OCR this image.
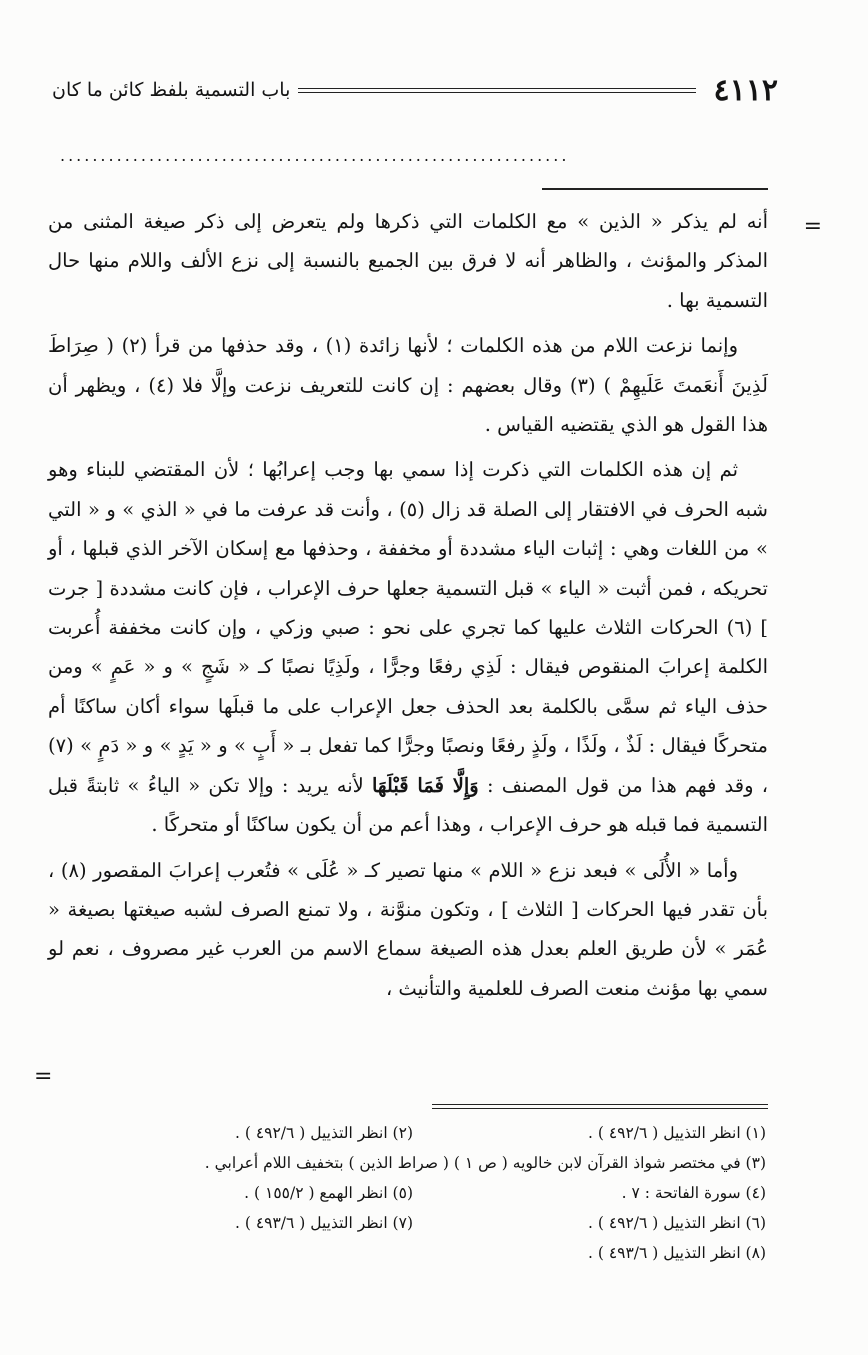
٤١١٢
باب التسمية بلفظ كائن ما كان
...............................................................
=

أنه لم يذكر « الذين » مع الكلمات التي ذكرها ولم يتعرض إلى ذكر صيغة المثنى من المذكر والمؤنث ، والظاهر أنه لا فرق بين الجميع بالنسبة إلى نزع الألف واللام منها حال التسمية بها .

وإنما نزعت اللام من هذه الكلمات ؛ لأنها زائدة (١) ، وقد حذفها من قرأ (٢) ( صِرَاطَ لَذِينَ أَنعَمتَ عَلَيهِمْ ) (٣) وقال بعضهم : إن كانت للتعريف نزعت وإلَّا فلا (٤) ، ويظهر أن هذا القول هو الذي يقتضيه القياس .

ثم إن هذه الكلمات التي ذكرت إذا سمي بها وجب إعرابُها ؛ لأن المقتضي للبناء وهو شبه الحرف في الافتقار إلى الصلة قد زال (٥) ، وأنت قد عرفت ما في « الذي » و « التي » من اللغات وهي : إثبات الياء مشددة أو مخففة ، وحذفها مع إسكان الآخر الذي قبلها ، أو تحريكه ، فمن أثبت « الياء » قبل التسمية جعلها حرف الإعراب ، فإن كانت مشددة [ جرت ] (٦) الحركات الثلاث عليها كما تجري على نحو : صبي وزكي ، وإن كانت مخففة أُعربت الكلمة إعرابَ المنقوص فيقال : لَذِي رفعًا وجرًّا ، ولَذِيًا نصبًا كـ « شَجٍ » و « عَمٍ » ومن حذف الياء ثم سمَّى بالكلمة بعد الحذف جعل الإعراب على ما قبلَها سواء أكان ساكنًا أم متحركًا فيقال : لَذٌ ، ولَذًا ، ولَذٍ رفعًا ونصبًا وجرًّا كما تفعل بـ « أَبٍ » و « يَدٍ » و « دَمٍ » (٧) ، وقد فهم هذا من قول المصنف : وَإِلَّا فَمَا قَبْلَهَا لأنه يريد : وإلا تكن « الياءُ » ثابتةً قبل التسمية فما قبله هو حرف الإعراب ، وهذا أعم من أن يكون ساكنًا أو متحركًا .

وأما « الأُلَى » فبعد نزع « اللام » منها تصير كـ « عُلَى » فتُعرب إعرابَ المقصور (٨) ، بأن تقدر فيها الحركات [ الثلاث ] ، وتكون منوَّنة ، ولا تمنع الصرف لشبه صيغتها بصيغة « عُمَر » لأن طريق العلم بعدل هذه الصيغة سماع الاسم من العرب غير مصروف ، نعم لو سمي بها مؤنث منعت الصرف للعلمية والتأنيث ،

=
(١) انظر التذييل ( ٤٩٢/٦ ) .
(٢) انظر التذييل ( ٤٩٢/٦ ) .
(٣) في مختصر شواذ القرآن لابن خالويه ( ص ١ ) ( صراط الذين ) بتخفيف اللام أعرابي .
(٤) سورة الفاتحة : ٧ .
(٥) انظر الهمع ( ١٥٥/٢ ) .
(٦) انظر التذييل ( ٤٩٢/٦ ) .
(٧) انظر التذييل ( ٤٩٣/٦ ) .
(٨) انظر التذييل ( ٤٩٣/٦ ) .
